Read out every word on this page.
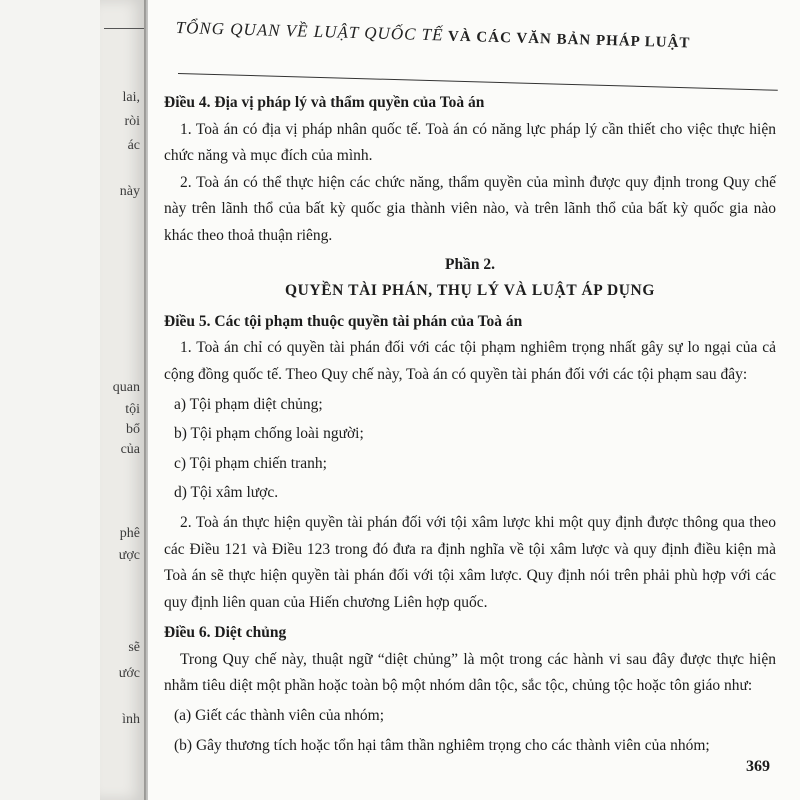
lai,
ròi
ác
này
quan
tội
bổ
của
phê
ược
sẽ
ước
ình
TỔNG QUAN VỀ LUẬT QUỐC TẾ VÀ CÁC VĂN BẢN PHÁP LUẬT

Điều 4. Địa vị pháp lý và thẩm quyền của Toà án

1. Toà án có địa vị pháp nhân quốc tế. Toà án có năng lực pháp lý cần thiết cho việc thực hiện chức năng và mục đích của mình.

2. Toà án có thể thực hiện các chức năng, thẩm quyền của mình được quy định trong Quy chế này trên lãnh thổ của bất kỳ quốc gia thành viên nào, và trên lãnh thổ của bất kỳ quốc gia nào khác theo thoả thuận riêng.

Phần 2.

QUYỀN TÀI PHÁN, THỤ LÝ VÀ LUẬT ÁP DỤNG

Điều 5. Các tội phạm thuộc quyền tài phán của Toà án

1. Toà án chỉ có quyền tài phán đối với các tội phạm nghiêm trọng nhất gây sự lo ngại của cả cộng đồng quốc tế. Theo Quy chế này, Toà án có quyền tài phán đối với các tội phạm sau đây:

a) Tội phạm diệt chủng;

b) Tội phạm chống loài người;

c) Tội phạm chiến tranh;

d) Tội xâm lược.

2. Toà án thực hiện quyền tài phán đối với tội xâm lược khi một quy định được thông qua theo các Điều 121 và Điều 123 trong đó đưa ra định nghĩa về tội xâm lược và quy định điều kiện mà Toà án sẽ thực hiện quyền tài phán đối với tội xâm lược. Quy định nói trên phải phù hợp với các quy định liên quan của Hiến chương Liên hợp quốc.

Điều 6. Diệt chủng

Trong Quy chế này, thuật ngữ “diệt chủng” là một trong các hành vi sau đây được thực hiện nhằm tiêu diệt một phần hoặc toàn bộ một nhóm dân tộc, sắc tộc, chủng tộc hoặc tôn giáo như:

(a) Giết các thành viên của nhóm;

(b) Gây thương tích hoặc tổn hại tâm thần nghiêm trọng cho các thành viên của nhóm;

369
